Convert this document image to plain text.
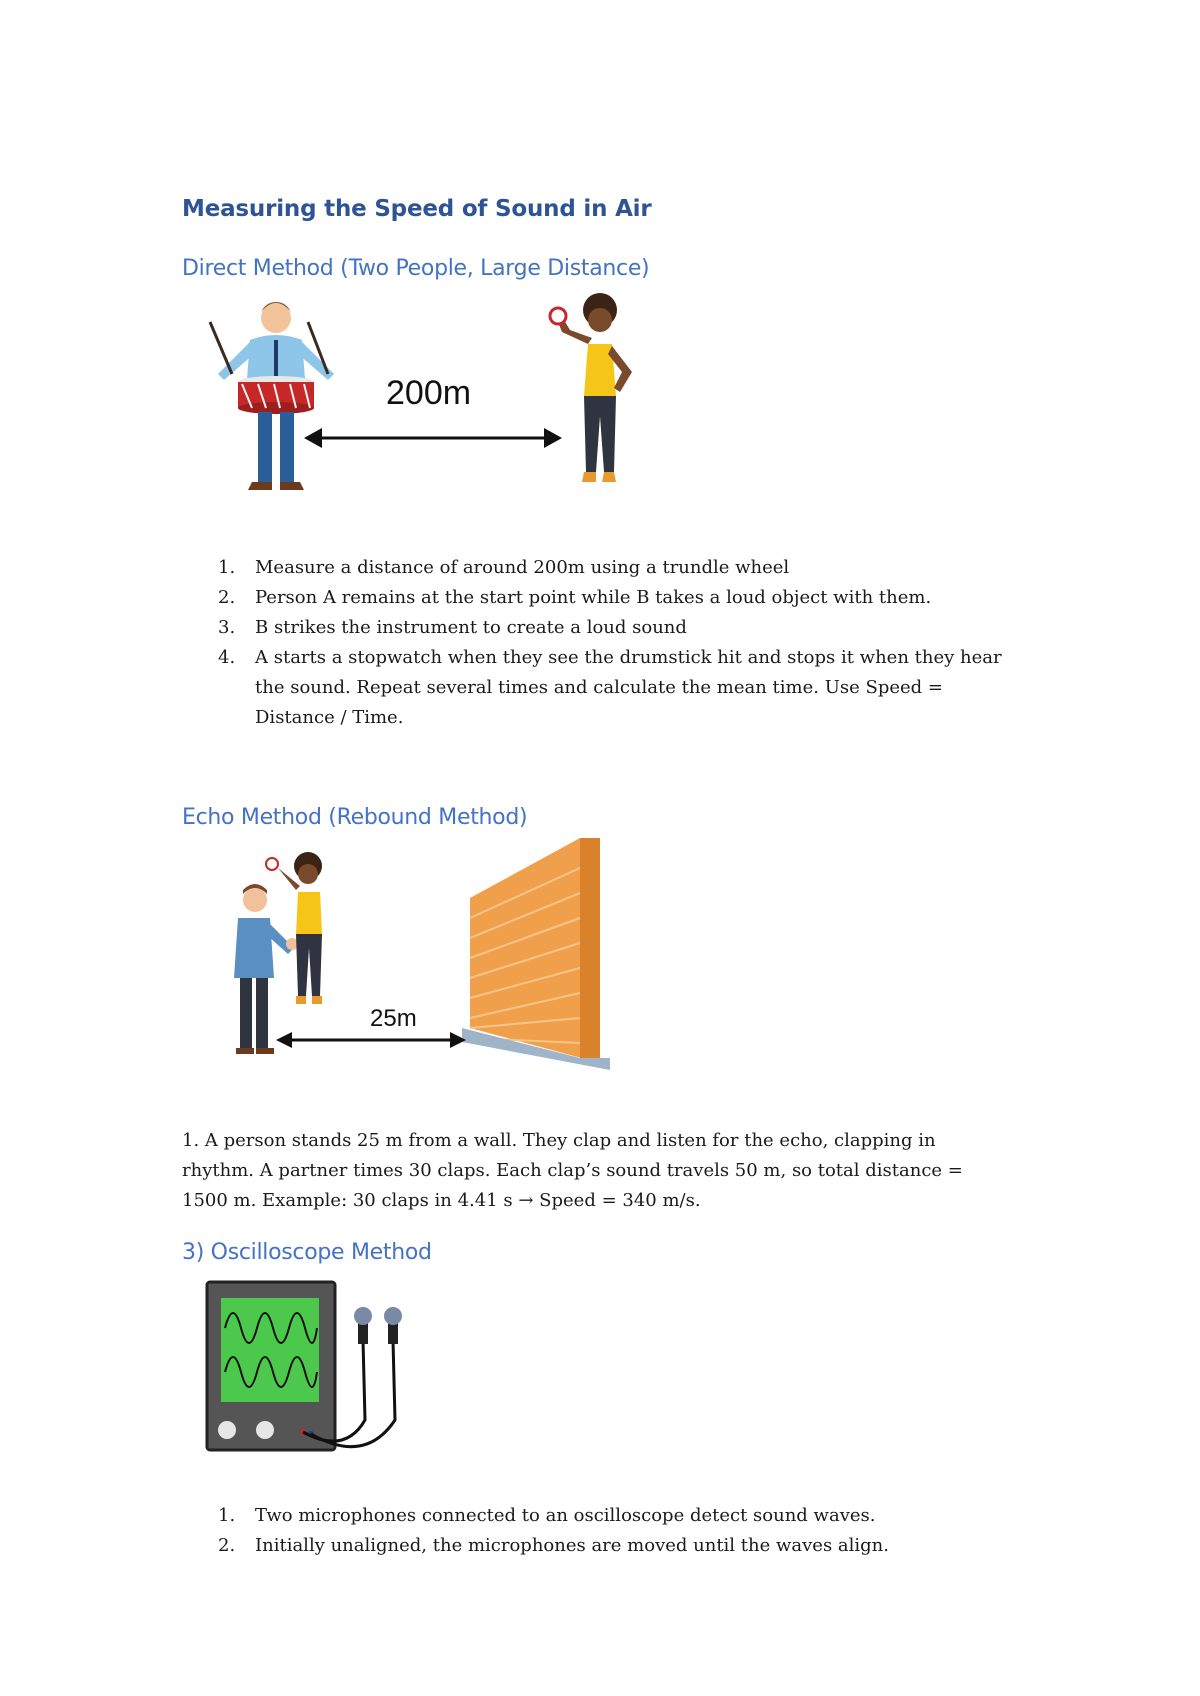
Measuring the Speed of Sound in Air
Direct Method (Two People, Large Distance)
200m
1. Measure a distance of around 200m using a trundle wheel
2. Person A remains at the start point while B takes a loud object with them.
3. B strikes the instrument to create a loud sound
4. A starts a stopwatch when they see the drumstick hit and stops it when they hear the sound. Repeat several times and calculate the mean time. Use Speed = Distance / Time.
Echo Method (Rebound Method)
25m
1. A person stands 25 m from a wall. They clap and listen for the echo, clapping in rhythm. A partner times 30 claps. Each clap’s sound travels 50 m, so total distance = 1500 m. Example: 30 claps in 4.41 s → Speed = 340 m/s.
3) Oscilloscope Method
1. Two microphones connected to an oscilloscope detect sound waves.
2. Initially unaligned, the microphones are moved until the waves align.
